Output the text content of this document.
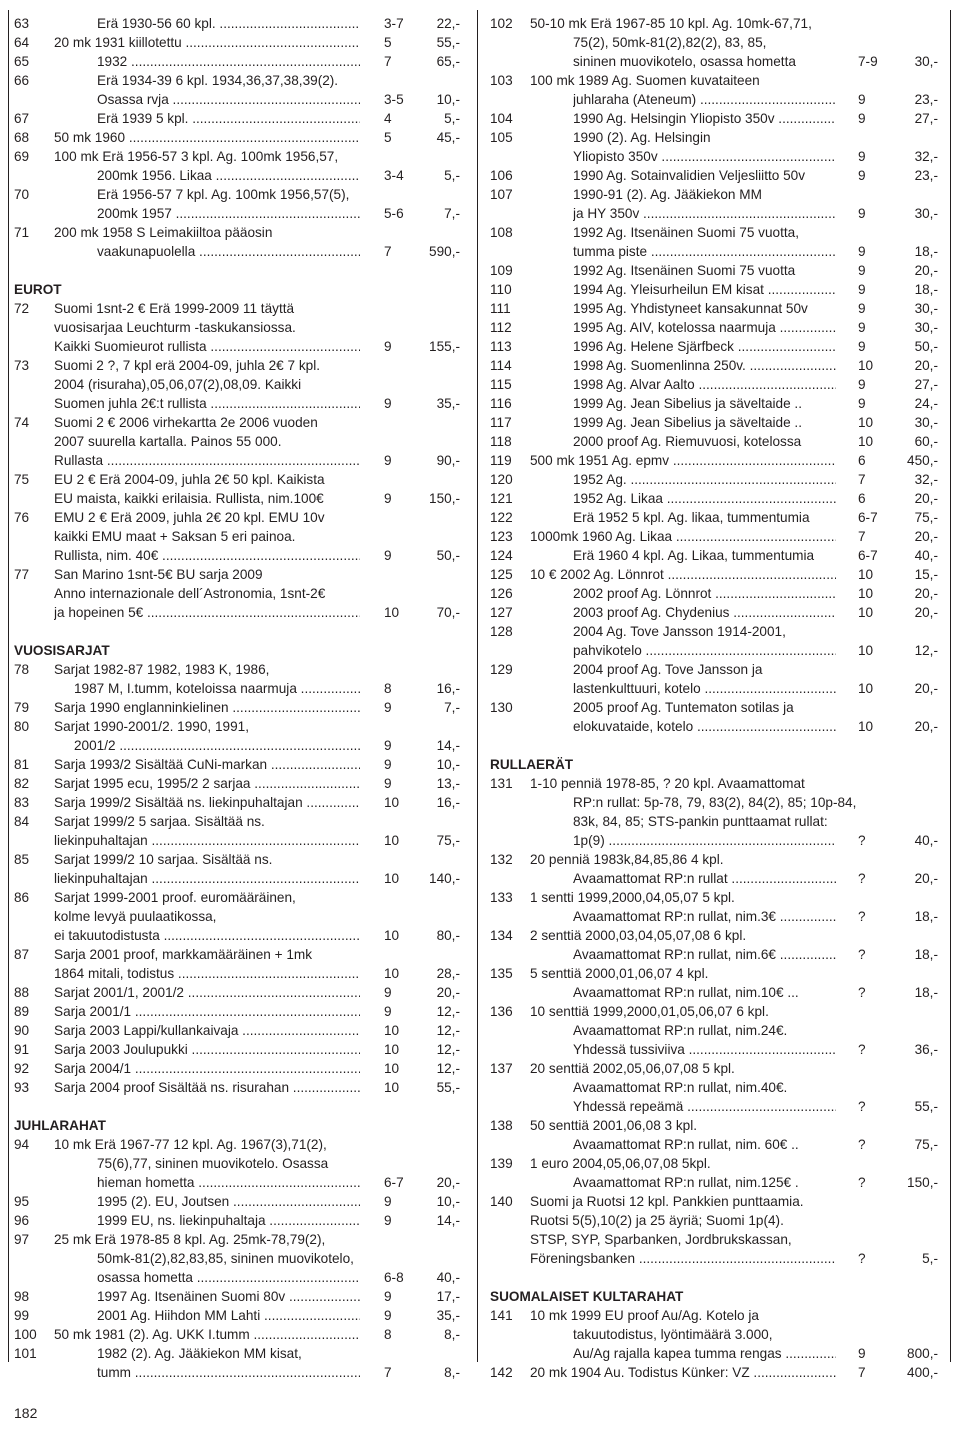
63	Erä 1930-56 60 kpl. .....	3-7	22,-
64 20 mk 1931 kiillotettu .....	5	55,-
65	1932 .....	7	65,-
66	Erä 1934-39 6 kpl. 1934,36,37,38,39(2).
Osassa rvja .....	3-5	10,-
67	Erä 1939 5 kpl. .....	4	5,-
68 50 mk 1960 .....	5	45,-
69 100 mk Erä 1956-57 3 kpl. Ag. 100mk 1956,57,
200mk 1956. Likaa .....	3-4	5,-
70	Erä 1956-57 7 kpl. Ag. 100mk 1956,57(5),
200mk 1957 .....	5-6	7,-
71 200 mk 1958 S Leimakiiltoa pääosin
vaakunapuolella .....	7	590,-
EUROT
72 Suomi 1snt-2 € Erä 1999-2009 11 täyttä
vuosisarjaa Leuchturm -taskukansiossa.
Kaikki Suomieurot rullista .....	9	155,-
73 Suomi 2 ?, 7 kpl erä 2004-09, juhla 2€ 7 kpl.
2004 (risuraha),05,06,07(2),08,09. Kaikki
Suomen juhla 2€:t rullista .....	9	35,-
74 Suomi 2 € 2006 virhekartta 2e 2006 vuoden
2007 suurella kartalla. Painos 55 000.
Rullasta .....	9	90,-
75 EU 2 € Erä 2004-09, juhla 2€ 50 kpl. Kaikista
EU maista, kaikki erilaisia. Rullista, nim.100€	9	150,-
76 EMU 2 € Erä 2009, juhla 2€ 20 kpl. EMU 10v
kaikki EMU maat + Saksan 5 eri painoa.
Rullista, nim. 40€ .....	9	50,-
77 San Marino 1snt-5€ BU sarja 2009
Anno internazionale dell´Astronomia, 1snt-2€
ja hopeinen 5€ .....	10	70,-
VUOSISARJAT
78 Sarjat 1982-87 1982, 1983 K, 1986,
1987 M, I.tumm, koteloissa naarmuja .....	8	16,-
79 Sarja 1990 englanninkielinen .....	9	7,-
80 Sarjat 1990-2001/2. 1990, 1991,
2001/2 .....	9	14,-
81 Sarja 1993/2 Sisältää CuNi-markan .....	9	10,-
82 Sarjat 1995 ecu, 1995/2 2 sarjaa .....	9	13,-
83 Sarja 1999/2 Sisältää ns. liekinpuhaltajan .....	10	16,-
84 Sarjat 1999/2 5 sarjaa. Sisältää ns.
liekinpuhaltajan .....	10	75,-
85 Sarjat 1999/2 10 sarjaa. Sisältää ns.
liekinpuhaltajan .....	10	140,-
86 Sarjat 1999-2001 proof. euromääräinen,
kolme levyä puulaatikossa,
ei takuutodistusta .....	10	80,-
87 Sarja 2001 proof, markkamääräinen + 1mk
1864 mitali, todistus .....	10	28,-
88 Sarjat 2001/1, 2001/2 .....	9	20,-
89 Sarja 2001/1 .....	9	12,-
90 Sarja 2003 Lappi/kullankaivaja .....	10	12,-
91 Sarja 2003 Joulupukki .....	10	12,-
92 Sarja 2004/1 .....	10	12,-
93 Sarja 2004 proof Sisältää ns. risurahan .....	10	55,-
JUHLARAHAT
94 10 mk Erä 1967-77 12 kpl. Ag. 1967(3),71(2),
75(6),77, sininen muovikotelo. Osassa
hieman hometta .....	6-7	20,-
95	1995 (2). EU, Joutsen .....	9	10,-
96	1999 EU, ns. liekinpuhaltaja .....	9	14,-
97 25 mk Erä 1978-85 8 kpl. Ag. 25mk-78,79(2),
50mk-81(2),82,83,85, sininen muovikotelo,
osassa hometta .....	6-8	40,-
98	1997 Ag. Itsenäinen Suomi 80v .....	9	17,-
99	2001 Ag. Hiihdon MM Lahti .....	9	35,-
100 50 mk 1981 (2). Ag. UKK I.tumm .....	8	8,-
101	1982 (2). Ag. Jääkiekon MM kisat,
tumm .....	7	8,-
102 50-10 mk Erä 1967-85 10 kpl. Ag. 10mk-67,71,
75(2), 50mk-81(2),82(2), 83, 85,
sininen muovikotelo, osassa hometta	7-9	30,-
103 100 mk 1989 Ag. Suomen kuvataiteen
juhlaraha (Ateneum) .....	9	23,-
104	1990 Ag. Helsingin Yliopisto 350v .....	9	27,-
105	1990 (2). Ag. Helsingin
Yliopisto 350v .....	9	32,-
106	1990 Ag. Sotainvalidien Veljesliitto 50v	9	23,-
107	1990-91 (2). Ag. Jääkiekon MM
ja HY 350v .....	9	30,-
108	1992 Ag. Itsenäinen Suomi 75 vuotta,
tumma piste .....	9	18,-
109	1992 Ag. Itsenäinen Suomi 75 vuotta	9	20,-
110	1994 Ag. Yleisurheilun EM kisat .....	9	18,-
111	1995 Ag. Yhdistyneet kansakunnat 50v	9	30,-
112	1995 Ag. AIV, kotelossa naarmuja .....	9	30,-
113	1996 Ag. Helene Sjärfbeck .....	9	50,-
114	1998 Ag. Suomenlinna 250v. .....	10	20,-
115	1998 Ag. Alvar Aalto .....	9	27,-
116	1999 Ag. Jean Sibelius ja säveltaide ..	9	24,-
117	1999 Ag. Jean Sibelius ja säveltaide ..	10	30,-
118	2000 proof Ag. Riemuvuosi, kotelossa	10	60,-
119 500 mk 1951 Ag. epmv .....	6	450,-
120	1952 Ag. .....	7	32,-
121	1952 Ag. Likaa .....	6	20,-
122	Erä 1952 5 kpl. Ag. likaa, tummentumia	6-7	75,-
123 1000mk 1960 Ag. Likaa .....	7	20,-
124	Erä 1960 4 kpl. Ag. Likaa, tummentumia	6-7	40,-
125 10 € 2002 Ag. Lönnrot .....	10	15,-
126	2002 proof Ag. Lönnrot .....	10	20,-
127	2003 proof Ag. Chydenius .....	10	20,-
128	2004 Ag. Tove Jansson 1914-2001,
pahvikotelo .....	10	12,-
129	2004 proof Ag. Tove Jansson ja
lastenkulttuuri, kotelo .....	10	20,-
130	2005 proof Ag. Tuntematon sotilas ja
elokuvataide, kotelo .....	10	20,-
RULLAERÄT
131 1-10 penniä 1978-85, ? 20 kpl. Avaamattomat
RP:n rullat: 5p-78, 79, 83(2), 84(2), 85; 10p-84,
83k, 84, 85; STS-pankin punttaamat rullat:
1p(9) .....	?	40,-
132 20 penniä 1983k,84,85,86 4 kpl.
Avaamattomat RP:n rullat .....	?	20,-
133 1 sentti 1999,2000,04,05,07 5 kpl.
Avaamattomat RP:n rullat, nim.3€ .....	?	18,-
134 2 senttiä 2000,03,04,05,07,08 6 kpl.
Avaamattomat RP:n rullat, nim.6€ .....	?	18,-
135 5 senttiä 2000,01,06,07 4 kpl.
Avaamattomat RP:n rullat, nim.10€ ...	?	18,-
136 10 senttiä 1999,2000,01,05,06,07 6 kpl.
Avaamattomat RP:n rullat, nim.24€.
Yhdessä tussiviiva .....	?	36,-
137 20 senttiä 2002,05,06,07,08 5 kpl.
Avaamattomat RP:n rullat, nim.40€.
Yhdessä repeämä .....	?	55,-
138 50 senttiä 2001,06,08 3 kpl.
Avaamattomat RP:n rullat, nim. 60€ ..	?	75,-
139 1 euro 2004,05,06,07,08 5kpl.
Avaamattomat RP:n rullat, nim.125€ .	?	150,-
140 Suomi ja Ruotsi 12 kpl. Pankkien punttaamia.
Ruotsi 5(5),10(2) ja 25 äyriä; Suomi 1p(4).
STSP, SYP, Sparbanken, Jordbrukskassan,
Föreningsbanken .....	?	5,-
SUOMALAISET KULTARAHAT
141 10 mk 1999 EU proof Au/Ag. Kotelo ja
takuutodistus, lyöntimäärä 3.000,
Au/Ag rajalla kapea tumma rengas .....	9	800,-
142 20 mk 1904 Au. Todistus Künker: VZ .....	7	400,-
182
